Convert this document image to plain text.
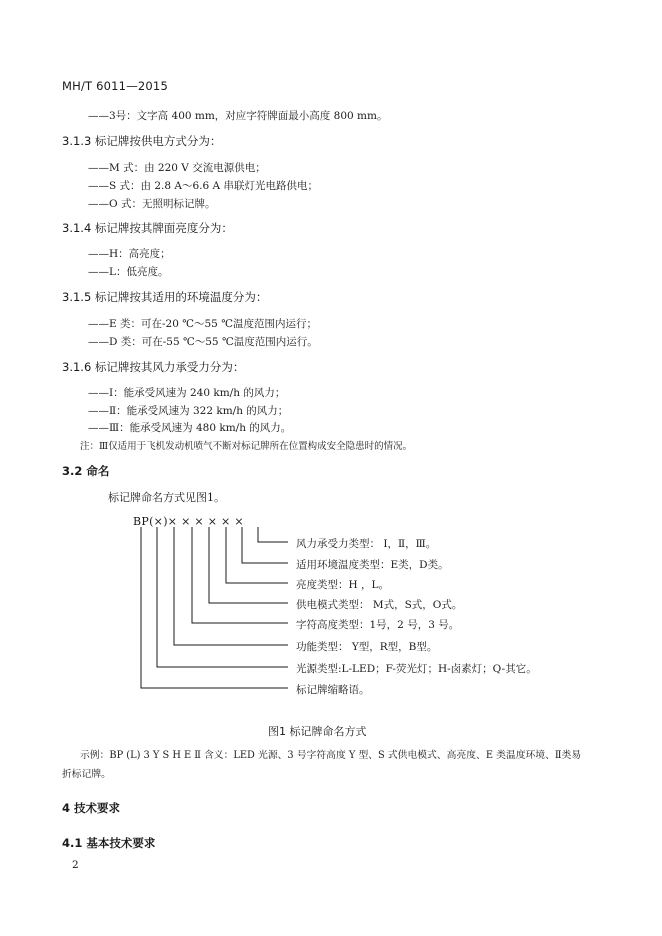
MH/T 6011—2015
——3号：文字高 400 mm，对应字符牌面最小高度 800 mm。
3.1.3 标记牌按供电方式分为：
——M 式：由 220 V 交流电源供电；
——S 式：由 2.8 A～6.6 A 串联灯光电路供电；
——O 式：无照明标记牌。
3.1.4 标记牌按其牌面亮度分为：
——H：高亮度；
——L：低亮度。
3.1.5 标记牌按其适用的环境温度分为：
——E 类：可在-20 ℃～55 ℃温度范围内运行；
——D 类：可在-55 ℃～55 ℃温度范围内运行。
3.1.6 标记牌按其风力承受力分为：
——Ⅰ：能承受风速为 240 km/h 的风力；
——Ⅱ：能承受风速为 322 km/h 的风力；
——Ⅲ：能承受风速为 480 km/h 的风力。
注：Ⅲ仅适用于飞机发动机喷气不断对标记牌所在位置构成安全隐患时的情况。
3.2 命名
标记牌命名方式见图1。
BP(×)× × × × × ×
风力承受力类型： Ⅰ，Ⅱ，Ⅲ。
适用环境温度类型：E类，D类。
亮度类型：H ，L。
供电模式类型： M式，S式，O式。
字符高度类型：1号，2 号，3 号。
功能类型： Y型，R型，B型。
光源类型:L-LED；F-荧光灯；H-卤素灯；Q-其它。
标记牌缩略语。
图1 标记牌命名方式
示例：BP (L) 3 Y S H E Ⅱ 含义：LED 光源、3 号字符高度 Y 型、S 式供电模式、高亮度、E 类温度环境、Ⅱ类易
折标记牌。
4 技术要求
4.1 基本技术要求
2
